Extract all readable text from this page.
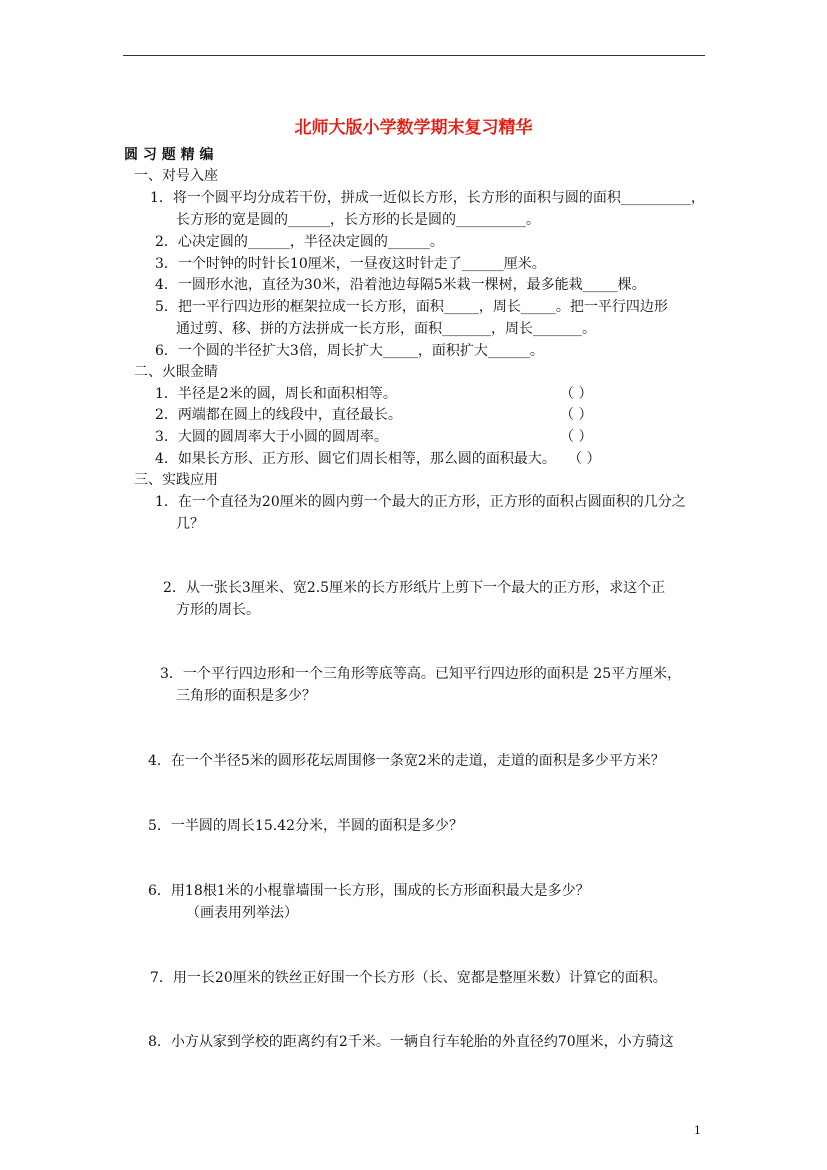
北师大版小学数学期末复习精华
圆 习 题 精 编
一、对号入座
1．将一个圆平均分成若干份，拼成一近似长方形，长方形的面积与圆的面积__________，
长方形的宽是圆的______，长方形的长是圆的__________。
2．心决定圆的______，半径决定圆的______。
3．一个时钟的时针长10厘米，一昼夜这时针走了______厘米。
4．一圆形水池，直径为30米，沿着池边每隔5米栽一棵树，最多能栽_____棵。
5．把一平行四边形的框架拉成一长方形，面积_____，周长_____。把一平行四边形
通过剪、移、拼的方法拼成一长方形，面积_______，周长_______。
6．一个圆的半径扩大3倍，周长扩大_____，面积扩大______。
二、火眼金睛
1．半径是2米的圆，周长和面积相等。	（ ）
2．两端都在圆上的线段中，直径最长。	（ ）
3．大圆的圆周率大于小圆的圆周率。	（ ）
4．如果长方形、正方形、圆它们周长相等，那么圆的面积最大。 （ ）
三、实践应用
1．在一个直径为20厘米的圆内剪一个最大的正方形，正方形的面积占圆面积的几分之
几？
2．从一张长3厘米、宽2.5厘米的长方形纸片上剪下一个最大的正方形，求这个正
方形的周长。
3．一个平行四边形和一个三角形等底等高。已知平行四边形的面积是 25平方厘米，
三角形的面积是多少？
4．在一个半径5米的圆形花坛周围修一条宽2米的走道，走道的面积是多少平方米？
5．一半圆的周长15.42分米，半圆的面积是多少？
6．用18根1米的小棍靠墙围一长方形，围成的长方形面积最大是多少？
（画表用列举法）
7．用一长20厘米的铁丝正好围一个长方形（长、宽都是整厘米数）计算它的面积。
8．小方从家到学校的距离约有2千米。一辆自行车轮胎的外直径约70厘米，小方骑这
1
